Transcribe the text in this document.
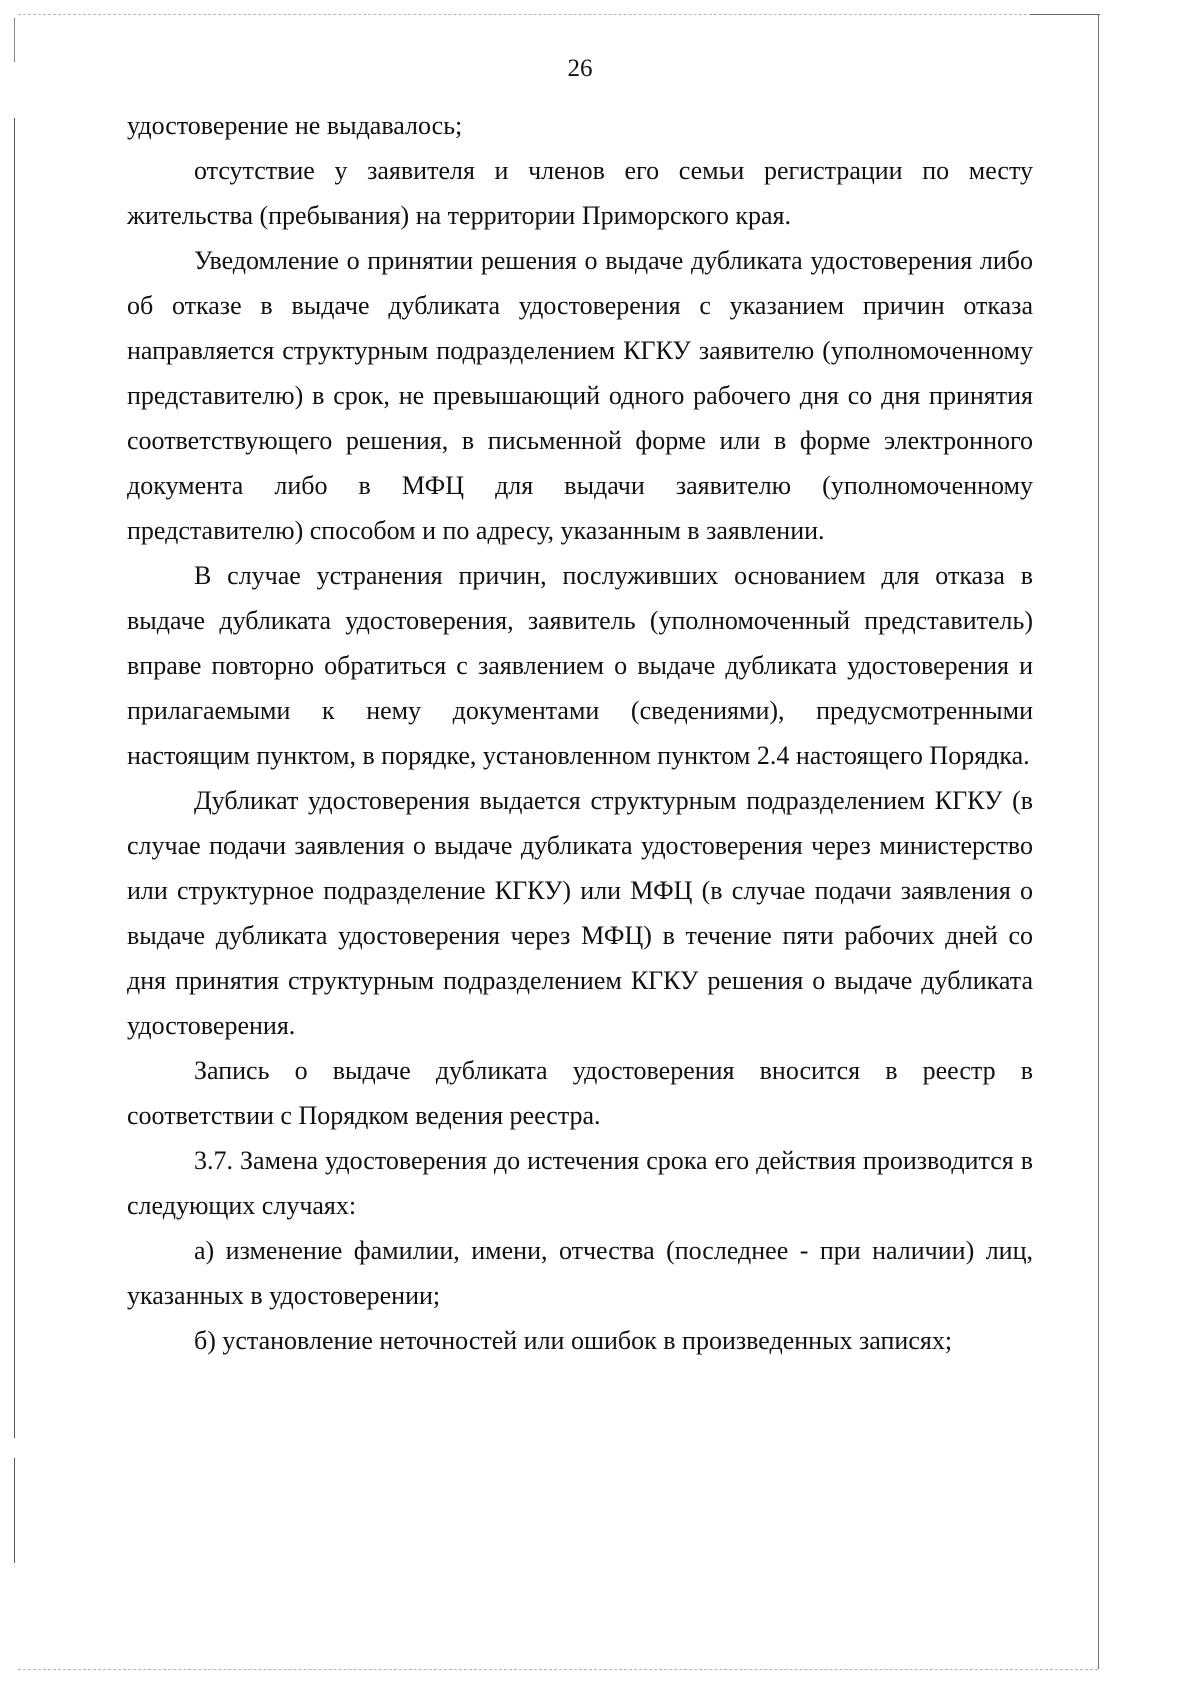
26

удостоверение не выдавалось;

отсутствие у заявителя и членов его семьи регистрации по месту жительства (пребывания) на территории Приморского края.

Уведомление о принятии решения о выдаче дубликата удостоверения либо об отказе в выдаче дубликата удостоверения с указанием причин отказа направляется структурным подразделением КГКУ заявителю (уполномоченному представителю) в срок, не превышающий одного рабочего дня со дня принятия соответствующего решения, в письменной форме или в форме электронного документа либо в МФЦ для выдачи заявителю (уполномоченному представителю) способом и по адресу, указанным в заявлении.

В случае устранения причин, послуживших основанием для отказа в выдаче дубликата удостоверения, заявитель (уполномоченный представитель) вправе повторно обратиться с заявлением о выдаче дубликата удостоверения и прилагаемыми к нему документами (сведениями), предусмотренными настоящим пунктом, в порядке, установленном пунктом 2.4 настоящего Порядка.

Дубликат удостоверения выдается структурным подразделением КГКУ (в случае подачи заявления о выдаче дубликата удостоверения через министерство или структурное подразделение КГКУ) или МФЦ (в случае подачи заявления о выдаче дубликата удостоверения через МФЦ) в течение пяти рабочих дней со дня принятия структурным подразделением КГКУ решения о выдаче дубликата удостоверения.

Запись о выдаче дубликата удостоверения вносится в реестр в соответствии с Порядком ведения реестра.

3.7. Замена удостоверения до истечения срока его действия производится в следующих случаях:

а) изменение фамилии, имени, отчества (последнее - при наличии) лиц, указанных в удостоверении;

б) установление неточностей или ошибок в произведенных записях;
